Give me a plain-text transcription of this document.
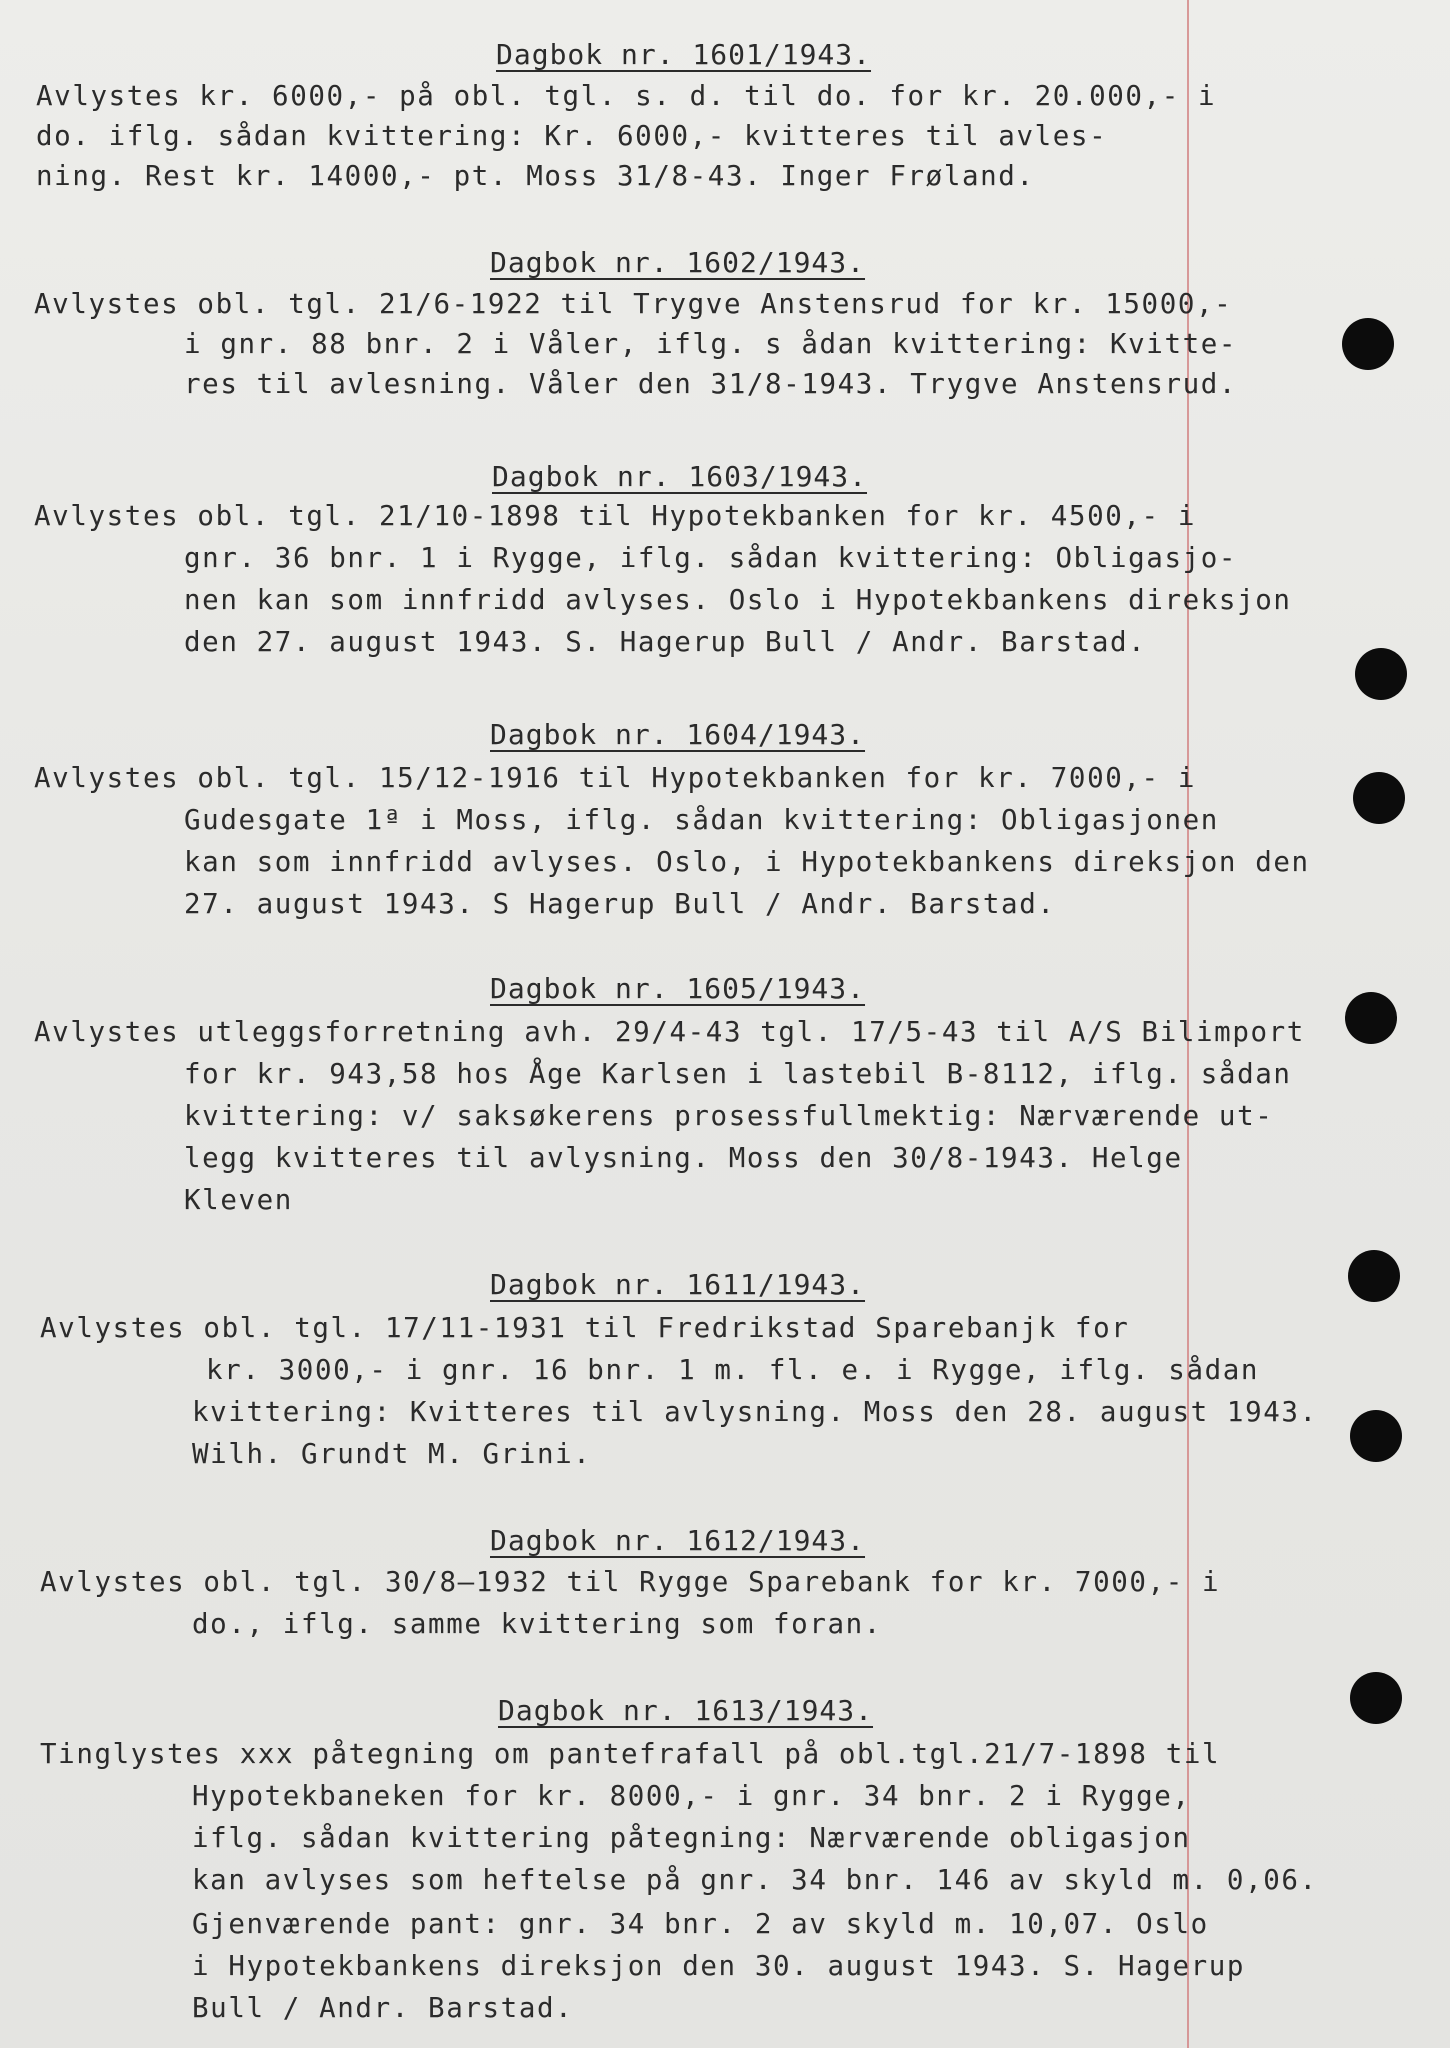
Dagbok nr. 1601/1943.
Avlystes kr. 6000,- på obl. tgl. s. d. til do. for kr. 20.000,- i
do. iflg. sådan kvittering: Kr. 6000,- kvitteres til avles-
ning. Rest kr. 14000,- pt. Moss 31/8-43. Inger Frøland.
Dagbok nr. 1602/1943.
Avlystes obl. tgl. 21/6-1922 til Trygve Anstensrud for kr. 15000,-
i gnr. 88 bnr. 2 i Våler, iflg. s ådan kvittering: Kvitte-
res til avlesning. Våler den 31/8-1943. Trygve Anstensrud.
Dagbok nr. 1603/1943.
Avlystes obl. tgl. 21/10-1898 til Hypotekbanken for kr. 4500,- i
gnr. 36 bnr. 1 i Rygge, iflg. sådan kvittering: Obligasjo-
nen kan som innfridd avlyses. Oslo i Hypotekbankens direksjon
den 27. august 1943. S. Hagerup Bull / Andr. Barstad.
Dagbok nr. 1604/1943.
Avlystes obl. tgl. 15/12-1916 til Hypotekbanken for kr. 7000,- i
Gudesgate 1ª i Moss, iflg. sådan kvittering: Obligasjonen
kan som innfridd avlyses. Oslo, i Hypotekbankens direksjon den
27. august 1943. S Hagerup Bull / Andr. Barstad.
Dagbok nr. 1605/1943.
Avlystes utleggsforretning avh. 29/4-43 tgl. 17/5-43 til A/S Bilimport
for kr. 943,58 hos Åge Karlsen i lastebil B-8112, iflg. sådan
kvittering: v/ saksøkerens prosessfullmektig: Nærværende ut-
legg kvitteres til avlysning. Moss den 30/8-1943. Helge
Kleven
Dagbok nr. 1611/1943.
Avlystes obl. tgl. 17/11-1931 til Fredrikstad Sparebanjk for
kr. 3000,- i gnr. 16 bnr. 1 m. fl. e. i Rygge, iflg. sådan
kvittering: Kvitteres til avlysning. Moss den 28. august 1943.
Wilh. Grundt M. Grini.
Dagbok nr. 1612/1943.
Avlystes obl. tgl. 30/8–1932 til Rygge Sparebank for kr. 7000,- i
do., iflg. samme kvittering som foran.
Dagbok nr. 1613/1943.
Tinglystes xxx påtegning om pantefrafall på obl.tgl.21/7-1898 til
Hypotekbaneken for kr. 8000,- i gnr. 34 bnr. 2 i Rygge,
iflg. sådan kvittering påtegning: Nærværende obligasjon
kan avlyses som heftelse på gnr. 34 bnr. 146 av skyld m. 0,06.
Gjenværende pant: gnr. 34 bnr. 2 av skyld m. 10,07. Oslo
i Hypotekbankens direksjon den 30. august 1943. S. Hagerup
Bull / Andr. Barstad.
